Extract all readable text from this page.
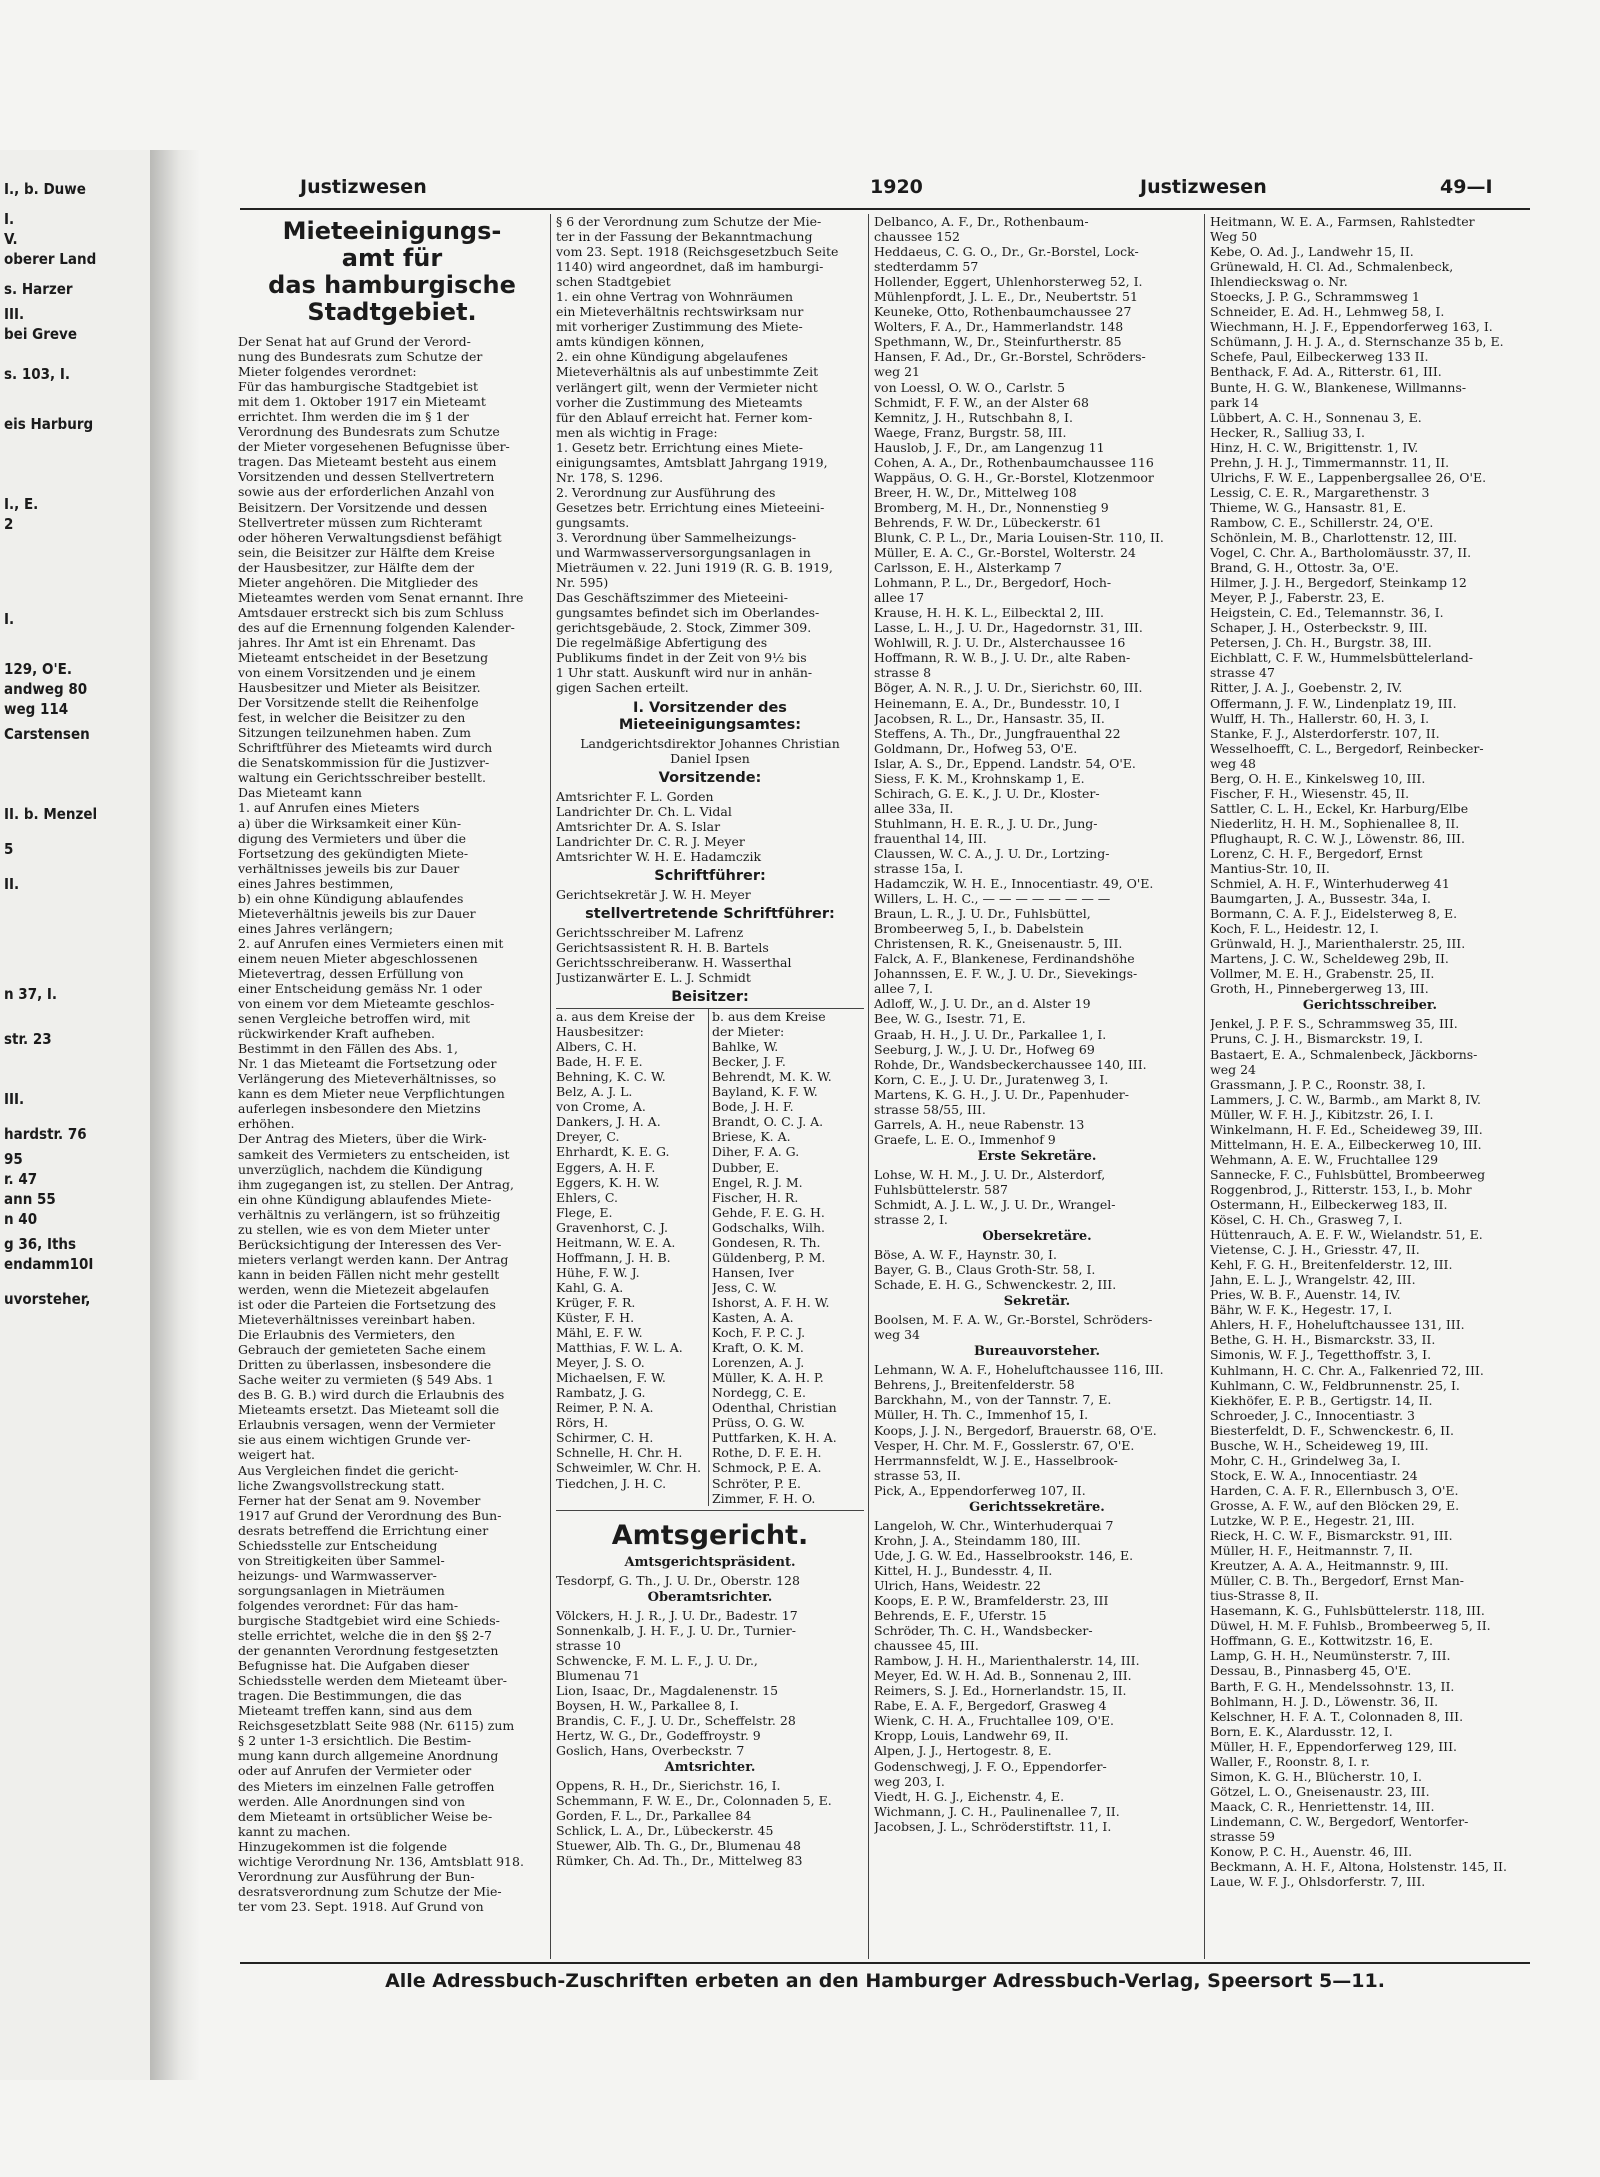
I., b. Duwe
I.
V.
oberer Land
s. Harzer
III.
bei Greve
s. 103, I.
eis Harburg
I., E.
2
I.
129, O'E.
andweg 80
weg 114
Carstensen
II. b. Menzel
5
II.
n 37, I.
str. 23
III.
hardstr. 76
95
r. 47
ann 55
n 40
g 36, Iths
endamm10I
uvorsteher,
Justizwesen	1920	Justizwesen	49—I
Mieteeinigungs-
amt für
das hamburgische
Stadtgebiet.
Der Senat hat auf Grund der Verord-
nung des Bundesrats zum Schutze der
Mieter folgendes verordnet:
Für das hamburgische Stadtgebiet ist
mit dem 1. Oktober 1917 ein Mieteamt
errichtet. Ihm werden die im § 1 der
Verordnung des Bundesrats zum Schutze
der Mieter vorgesehenen Befugnisse über-
tragen. Das Mieteamt besteht aus einem
Vorsitzenden und dessen Stellvertretern
sowie aus der erforderlichen Anzahl von
Beisitzern. Der Vorsitzende und dessen
Stellvertreter müssen zum Richteramt
oder höheren Verwaltungsdienst befähigt
sein, die Beisitzer zur Hälfte dem Kreise
der Hausbesitzer, zur Hälfte dem der
Mieter angehören. Die Mitglieder des
Mieteamtes werden vom Senat ernannt. Ihre
Amtsdauer erstreckt sich bis zum Schluss
des auf die Ernennung folgenden Kalender-
jahres. Ihr Amt ist ein Ehrenamt. Das
Mieteamt entscheidet in der Besetzung
von einem Vorsitzenden und je einem
Hausbesitzer und Mieter als Beisitzer.
Der Vorsitzende stellt die Reihenfolge
fest, in welcher die Beisitzer zu den
Sitzungen teilzunehmen haben. Zum
Schriftführer des Mieteamts wird durch
die Senatskommission für die Justizver-
waltung ein Gerichtsschreiber bestellt.
Das Mieteamt kann
1. auf Anrufen eines Mieters
a) über die Wirksamkeit einer Kün-
digung des Vermieters und über die
Fortsetzung des gekündigten Miete-
verhältnisses jeweils bis zur Dauer
eines Jahres bestimmen,
b) ein ohne Kündigung ablaufendes
Mieteverhältnis jeweils bis zur Dauer
eines Jahres verlängern;
2. auf Anrufen eines Vermieters einen mit
einem neuen Mieter abgeschlossenen
Mietevertrag, dessen Erfüllung von
einer Entscheidung gemäss Nr. 1 oder
von einem vor dem Mieteamte geschlos-
senen Vergleiche betroffen wird, mit
rückwirkender Kraft aufheben.
Bestimmt in den Fällen des Abs. 1,
Nr. 1 das Mieteamt die Fortsetzung oder
Verlängerung des Mieteverhältnisses, so
kann es dem Mieter neue Verpflichtungen
auferlegen insbesondere den Mietzins
erhöhen.
Der Antrag des Mieters, über die Wirk-
samkeit des Vermieters zu entscheiden, ist
unverzüglich, nachdem die Kündigung
ihm zugegangen ist, zu stellen. Der Antrag,
ein ohne Kündigung ablaufendes Miete-
verhältnis zu verlängern, ist so frühzeitig
zu stellen, wie es von dem Mieter unter
Berücksichtigung der Interessen des Ver-
mieters verlangt werden kann. Der Antrag
kann in beiden Fällen nicht mehr gestellt
werden, wenn die Mietezeit abgelaufen
ist oder die Parteien die Fortsetzung des
Mieteverhältnisses vereinbart haben.
Die Erlaubnis des Vermieters, den
Gebrauch der gemieteten Sache einem
Dritten zu überlassen, insbesondere die
Sache weiter zu vermieten (§ 549 Abs. 1
des B. G. B.) wird durch die Erlaubnis des
Mieteamts ersetzt. Das Mieteamt soll die
Erlaubnis versagen, wenn der Vermieter
sie aus einem wichtigen Grunde ver-
weigert hat.
Aus Vergleichen findet die gericht-
liche Zwangsvollstreckung statt.
Ferner hat der Senat am 9. November
1917 auf Grund der Verordnung des Bun-
desrats betreffend die Errichtung einer
Schiedsstelle zur Entscheidung
von Streitigkeiten über Sammel-
heizungs- und Warmwasserver-
sorgungsanlagen in Mieträumen
folgendes verordnet: Für das ham-
burgische Stadtgebiet wird eine Schieds-
stelle errichtet, welche die in den §§ 2-7
der genannten Verordnung festgesetzten
Befugnisse hat. Die Aufgaben dieser
Schiedsstelle werden dem Mieteamt über-
tragen. Die Bestimmungen, die das
Mieteamt treffen kann, sind aus dem
Reichsgesetzblatt Seite 988 (Nr. 6115) zum
§ 2 unter 1-3 ersichtlich. Die Bestim-
mung kann durch allgemeine Anordnung
oder auf Anrufen der Vermieter oder
des Mieters im einzelnen Falle getroffen
werden. Alle Anordnungen sind von
dem Mieteamt in ortsüblicher Weise be-
kannt zu machen.
Hinzugekommen ist die folgende
wichtige Verordnung Nr. 136, Amtsblatt 918.
Verordnung zur Ausführung der Bun-
desratsverordnung zum Schutze der Mie-
ter vom 23. Sept. 1918. Auf Grund von
§ 6 der Verordnung zum Schutze der Mie-
ter in der Fassung der Bekanntmachung
vom 23. Sept. 1918 (Reichsgesetzbuch Seite
1140) wird angeordnet, daß im hamburgi-
schen Stadtgebiet
1. ein ohne Vertrag von Wohnräumen
ein Mieteverhältnis rechtswirksam nur
mit vorheriger Zustimmung des Miete-
amts kündigen können,
2. ein ohne Kündigung abgelaufenes
Mieteverhältnis als auf unbestimmte Zeit
verlängert gilt, wenn der Vermieter nicht
vorher die Zustimmung des Mieteamts
für den Ablauf erreicht hat. Ferner kom-
men als wichtig in Frage:
1. Gesetz betr. Errichtung eines Miete-
einigungsamtes, Amtsblatt Jahrgang 1919,
Nr. 178, S. 1296.
2. Verordnung zur Ausführung des
Gesetzes betr. Errichtung eines Mieteeini-
gungsamts.
3. Verordnung über Sammelheizungs-
und Warmwasserversorgungsanlagen in
Mieträumen v. 22. Juni 1919 (R. G. B. 1919,
Nr. 595)
Das Geschäftszimmer des Mieteeini-
gungsamtes befindet sich im Oberlandes-
gerichtsgebäude, 2. Stock, Zimmer 309.
Die regelmäßige Abfertigung des
Publikums findet in der Zeit von 9½ bis
1 Uhr statt. Auskunft wird nur in anhän-
gigen Sachen erteilt.
I. Vorsitzender des Mieteeinigungsamtes:
Landgerichtsdirektor Johannes Christian
Daniel Ipsen
Vorsitzende:
Amtsrichter F. L. Gorden
Landrichter Dr. Ch. L. Vidal
Amtsrichter Dr. A. S. Islar
Landrichter Dr. C. R. J. Meyer
Amtsrichter W. H. E. Hadamczik
Schriftführer:
Gerichtsekretär J. W. H. Meyer
stellvertretende Schriftführer:
Gerichtsschreiber M. Lafrenz
Gerichtsassistent R. H. B. Bartels
Gerichtsschreiberanw. H. Wasserthal
Justizanwärter E. L. J. Schmidt
Beisitzer:
a. aus dem Kreise der
Hausbesitzer:
Albers, C. H.
Bade, H. F. E.
Behning, K. C. W.
Belz, A. J. L.
von Crome, A.
Dankers, J. H. A.
Dreyer, C.
Ehrhardt, K. E. G.
Eggers, A. H. F.
Eggers, K. H. W.
Ehlers, C.
Flege, E.
Gravenhorst, C. J.
Heitmann, W. E. A.
Hoffmann, J. H. B.
Hühe, F. W. J.
Kahl, G. A.
Krüger, F. R.
Küster, F. H.
Mähl, E. F. W.
Matthias, F. W. L. A.
Meyer, J. S. O.
Michaelsen, F. W.
Rambatz, J. G.
Reimer, P. N. A.
Rörs, H.
Schirmer, C. H.
Schnelle, H. Chr. H.
Schweimler, W. Chr. H.
Tiedchen, J. H. C.
b. aus dem Kreise
der Mieter:
Bahlke, W.
Becker, J. F.
Behrendt, M. K. W.
Bayland, K. F. W.
Bode, J. H. F.
Brandt, O. C. J. A.
Briese, K. A.
Diher, F. A. G.
Dubber, E.
Engel, R. J. M.
Fischer, H. R.
Gehde, F. E. G. H.
Godschalks, Wilh.
Gondesen, R. Th.
Güldenberg, P. M.
Hansen, Iver
Jess, C. W.
Ishorst, A. F. H. W.
Kasten, A. A.
Koch, F. P. C. J.
Kraft, O. K. M.
Lorenzen, A. J.
Müller, K. A. H. P.
Nordegg, C. E.
Odenthal, Christian
Prüss, O. G. W.
Puttfarken, K. H. A.
Rothe, D. F. E. H.
Schmock, P. E. A.
Schröter, P. E.
Zimmer, F. H. O.
Amtsgericht.
Amtsgerichtspräsident.
Tesdorpf, G. Th., J. U. Dr., Oberstr. 128
Oberamtsrichter.
Völckers, H. J. R., J. U. Dr., Badestr. 17
Sonnenkalb, J. H. F., J. U. Dr., Turnier-
strasse 10
Schwencke, F. M. L. F., J. U. Dr.,
Blumenau 71
Lion, Isaac, Dr., Magdalenenstr. 15
Boysen, H. W., Parkallee 8, I.
Brandis, C. F., J. U. Dr., Scheffelstr. 28
Hertz, W. G., Dr., Godeffroystr. 9
Goslich, Hans, Overbeckstr. 7
Amtsrichter.
Oppens, R. H., Dr., Sierichstr. 16, I.
Schemmann, F. W. E., Dr., Colonnaden 5, E.
Gorden, F. L., Dr., Parkallee 84
Schlick, L. A., Dr., Lübeckerstr. 45
Stuewer, Alb. Th. G., Dr., Blumenau 48
Rümker, Ch. Ad. Th., Dr., Mittelweg 83
Delbanco, A. F., Dr., Rothenbaum-
chaussee 152
Heddaeus, C. G. O., Dr., Gr.-Borstel, Lock-
stedterdamm 57
Hollender, Eggert, Uhlenhorsterweg 52, I.
Mühlenpfordt, J. L. E., Dr., Neubertstr. 51
Keuneke, Otto, Rothenbaumchaussee 27
Wolters, F. A., Dr., Hammerlandstr. 148
Spethmann, W., Dr., Steinfurtherstr. 85
Hansen, F. Ad., Dr., Gr.-Borstel, Schröders-
weg 21
von Loessl, O. W. O., Carlstr. 5
Schmidt, F. F. W., an der Alster 68
Kemnitz, J. H., Rutschbahn 8, I.
Waege, Franz, Burgstr. 58, III.
Hauslob, J. F., Dr., am Langenzug 11
Cohen, A. A., Dr., Rothenbaumchaussee 116
Wappäus, O. G. H., Gr.-Borstel, Klotzenmoor
Breer, H. W., Dr., Mittelweg 108
Bromberg, M. H., Dr., Nonnenstieg 9
Behrends, F. W. Dr., Lübeckerstr. 61
Blunk, C. P. L., Dr., Maria Louisen-Str. 110, II.
Müller, E. A. C., Gr.-Borstel, Wolterstr. 24
Carlsson, E. H., Alsterkamp 7
Lohmann, P. L., Dr., Bergedorf, Hoch-
allee 17
Krause, H. H. K. L., Eilbecktal 2, III.
Lasse, L. H., J. U. Dr., Hagedornstr. 31, III.
Wohlwill, R. J. U. Dr., Alsterchaussee 16
Hoffmann, R. W. B., J. U. Dr., alte Raben-
strasse 8
Böger, A. N. R., J. U. Dr., Sierichstr. 60, III.
Heinemann, E. A., Dr., Bundesstr. 10, I
Jacobsen, R. L., Dr., Hansastr. 35, II.
Steffens, A. Th., Dr., Jungfrauenthal 22
Goldmann, Dr., Hofweg 53, O'E.
Islar, A. S., Dr., Eppend. Landstr. 54, O'E.
Siess, F. K. M., Krohnskamp 1, E.
Schirach, G. E. K., J. U. Dr., Kloster-
allee 33a, II.
Stuhlmann, H. E. R., J. U. Dr., Jung-
frauenthal 14, III.
Claussen, W. C. A., J. U. Dr., Lortzing-
strasse 15a, I.
Hadamczik, W. H. E., Innocentiastr. 49, O'E.
Willers, L. H. C., — — — — — — — —
Braun, L. R., J. U. Dr., Fuhlsbüttel,
Brombeerweg 5, I., b. Dabelstein
Christensen, R. K., Gneisenaustr. 5, III.
Falck, A. F., Blankenese, Ferdinandshöhe
Johannssen, E. F. W., J. U. Dr., Sievekings-
allee 7, I.
Adloff, W., J. U. Dr., an d. Alster 19
Bee, W. G., Isestr. 71, E.
Graab, H. H., J. U. Dr., Parkallee 1, I.
Seeburg, J. W., J. U. Dr., Hofweg 69
Rohde, Dr., Wandsbeckerchaussee 140, III.
Korn, C. E., J. U. Dr., Juratenweg 3, I.
Martens, K. G. H., J. U. Dr., Papenhuder-
strasse 58/55, III.
Garrels, A. H., neue Rabenstr. 13
Graefe, L. E. O., Immenhof 9
Erste Sekretäre.
Lohse, W. H. M., J. U. Dr., Alsterdorf,
Fuhlsbüttelerstr. 587
Schmidt, A. J. L. W., J. U. Dr., Wrangel-
strasse 2, I.
Obersekretäre.
Böse, A. W. F., Haynstr. 30, I.
Bayer, G. B., Claus Groth-Str. 58, I.
Schade, E. H. G., Schwenckestr. 2, III.
Sekretär.
Boolsen, M. F. A. W., Gr.-Borstel, Schröders-
weg 34
Bureauvorsteher.
Lehmann, W. A. F., Hoheluftchaussee 116, III.
Behrens, J., Breitenfelderstr. 58
Barckhahn, M., von der Tannstr. 7, E.
Müller, H. Th. C., Immenhof 15, I.
Koops, J. J. N., Bergedorf, Brauerstr. 68, O'E.
Vesper, H. Chr. M. F., Gosslerstr. 67, O'E.
Herrmannsfeldt, W. J. E., Hasselbrook-
strasse 53, II.
Pick, A., Eppendorferweg 107, II.
Gerichtssekretäre.
Langeloh, W. Chr., Winterhuderquai 7
Krohn, J. A., Steindamm 180, III.
Ude, J. G. W. Ed., Hasselbrookstr. 146, E.
Kittel, H. J., Bundesstr. 4, II.
Ulrich, Hans, Weidestr. 22
Koops, E. P. W., Bramfelderstr. 23, III
Behrends, E. F., Uferstr. 15
Schröder, Th. C. H., Wandsbecker-
chaussee 45, III.
Rambow, J. H. H., Marienthalerstr. 14, III.
Meyer, Ed. W. H. Ad. B., Sonnenau 2, III.
Reimers, S. J. Ed., Hornerlandstr. 15, II.
Rabe, E. A. F., Bergedorf, Grasweg 4
Wienk, C. H. A., Fruchtallee 109, O'E.
Kropp, Louis, Landwehr 69, II.
Alpen, J. J., Hertogestr. 8, E.
Godenschwegj, J. F. O., Eppendorfer-
weg 203, I.
Viedt, H. G. J., Eichenstr. 4, E.
Wichmann, J. C. H., Paulinenallee 7, II.
Jacobsen, J. L., Schröderstiftstr. 11, I.
Heitmann, W. E. A., Farmsen, Rahlstedter
Weg 50
Kebe, O. Ad. J., Landwehr 15, II.
Grünewald, H. Cl. Ad., Schmalenbeck,
Ihlendieckswag o. Nr.
Stoecks, J. P. G., Schrammsweg 1
Schneider, E. Ad. H., Lehmweg 58, I.
Wiechmann, H. J. F., Eppendorferweg 163, I.
Schümann, J. H. J. A., d. Sternschanze 35 b, E.
Schefe, Paul, Eilbeckerweg 133 II.
Benthack, F. Ad. A., Ritterstr. 61, III.
Bunte, H. G. W., Blankenese, Willmanns-
park 14
Lübbert, A. C. H., Sonnenau 3, E.
Hecker, R., Salliug 33, I.
Hinz, H. C. W., Brigittenstr. 1, IV.
Prehn, J. H. J., Timmermannstr. 11, II.
Ulrichs, F. W. E., Lappenbergsallee 26, O'E.
Lessig, C. E. R., Margarethenstr. 3
Thieme, W. G., Hansastr. 81, E.
Rambow, C. E., Schillerstr. 24, O'E.
Schönlein, M. B., Charlottenstr. 12, III.
Vogel, C. Chr. A., Bartholomäusstr. 37, II.
Brand, G. H., Ottostr. 3a, O'E.
Hilmer, J. J. H., Bergedorf, Steinkamp 12
Meyer, P. J., Faberstr. 23, E.
Heigstein, C. Ed., Telemannstr. 36, I.
Schaper, J. H., Osterbeckstr. 9, III.
Petersen, J. Ch. H., Burgstr. 38, III.
Eichblatt, C. F. W., Hummelsbüttelerland-
strasse 47
Ritter, J. A. J., Goebenstr. 2, IV.
Offermann, J. F. W., Lindenplatz 19, III.
Wulff, H. Th., Hallerstr. 60, H. 3, I.
Stanke, F. J., Alsterdorferstr. 107, II.
Wesselhoefft, C. L., Bergedorf, Reinbecker-
weg 48
Berg, O. H. E., Kinkelsweg 10, III.
Fischer, F. H., Wiesenstr. 45, II.
Sattler, C. L. H., Eckel, Kr. Harburg/Elbe
Niederlitz, H. H. M., Sophienallee 8, II.
Pflughaupt, R. C. W. J., Löwenstr. 86, III.
Lorenz, C. H. F., Bergedorf, Ernst
Mantius-Str. 10, II.
Schmiel, A. H. F., Winterhuderweg 41
Baumgarten, J. A., Bussestr. 34a, I.
Bormann, C. A. F. J., Eidelsterweg 8, E.
Koch, F. L., Heidestr. 12, I.
Grünwald, H. J., Marienthalerstr. 25, III.
Martens, J. C. W., Scheldeweg 29b, II.
Vollmer, M. E. H., Grabenstr. 25, II.
Groth, H., Pinnebergerweg 13, III.
Gerichtsschreiber.
Jenkel, J. P. F. S., Schrammsweg 35, III.
Pruns, C. J. H., Bismarckstr. 19, I.
Bastaert, E. A., Schmalenbeck, Jäckborns-
weg 24
Grassmann, J. P. C., Roonstr. 38, I.
Lammers, J. C. W., Barmb., am Markt 8, IV.
Müller, W. F. H. J., Kibitzstr. 26, I. I.
Winkelmann, H. F. Ed., Scheideweg 39, III.
Mittelmann, H. E. A., Eilbeckerweg 10, III.
Wehmann, A. E. W., Fruchtallee 129
Sannecke, F. C., Fuhlsbüttel, Brombeerweg
Roggenbrod, J., Ritterstr. 153, I., b. Mohr
Ostermann, H., Eilbeckerweg 183, II.
Kösel, C. H. Ch., Grasweg 7, I.
Hüttenrauch, A. E. F. W., Wielandstr. 51, E.
Vietense, C. J. H., Griesstr. 47, II.
Kehl, F. G. H., Breitenfelderstr. 12, III.
Jahn, E. L. J., Wrangelstr. 42, III.
Pries, W. B. F., Auenstr. 14, IV.
Bähr, W. F. K., Hegestr. 17, I.
Ahlers, H. F., Hoheluftchaussee 131, III.
Bethe, G. H. H., Bismarckstr. 33, II.
Simonis, W. F. J., Tegetthoffstr. 3, I.
Kuhlmann, H. C. Chr. A., Falkenried 72, III.
Kuhlmann, C. W., Feldbrunnenstr. 25, I.
Kiekhöfer, E. P. B., Gertigstr. 14, II.
Schroeder, J. C., Innocentiastr. 3
Biesterfeldt, D. F., Schwenckestr. 6, II.
Busche, W. H., Scheideweg 19, III.
Mohr, C. H., Grindelweg 3a, I.
Stock, E. W. A., Innocentiastr. 24
Harden, C. A. F. R., Ellernbusch 3, O'E.
Grosse, A. F. W., auf den Blöcken 29, E.
Lutzke, W. P. E., Hegestr. 21, III.
Rieck, H. C. W. F., Bismarckstr. 91, III.
Müller, H. F., Heitmannstr. 7, II.
Kreutzer, A. A. A., Heitmannstr. 9, III.
Müller, C. B. Th., Bergedorf, Ernst Man-
tius-Strasse 8, II.
Hasemann, K. G., Fuhlsbüttelerstr. 118, III.
Düwel, H. M. F. Fuhlsb., Brombeerweg 5, II.
Hoffmann, G. E., Kottwitzstr. 16, E.
Lamp, G. H. H., Neumünsterstr. 7, III.
Dessau, B., Pinnasberg 45, O'E.
Barth, F. G. H., Mendelssohnstr. 13, II.
Bohlmann, H. J. D., Löwenstr. 36, II.
Kelschner, H. F. A. T., Colonnaden 8, III.
Born, E. K., Alardusstr. 12, I.
Müller, H. F., Eppendorferweg 129, III.
Waller, F., Roonstr. 8, I. r.
Simon, K. G. H., Blücherstr. 10, I.
Götzel, L. O., Gneisenaustr. 23, III.
Maack, C. R., Henriettenstr. 14, III.
Lindemann, C. W., Bergedorf, Wentorfer-
strasse 59
Konow, P. C. H., Auenstr. 46, III.
Beckmann, A. H. F., Altona, Holstenstr. 145, II.
Laue, W. F. J., Ohlsdorferstr. 7, III.
Alle Adressbuch-Zuschriften erbeten an den Hamburger Adressbuch-Verlag, Speersort 5—11.
